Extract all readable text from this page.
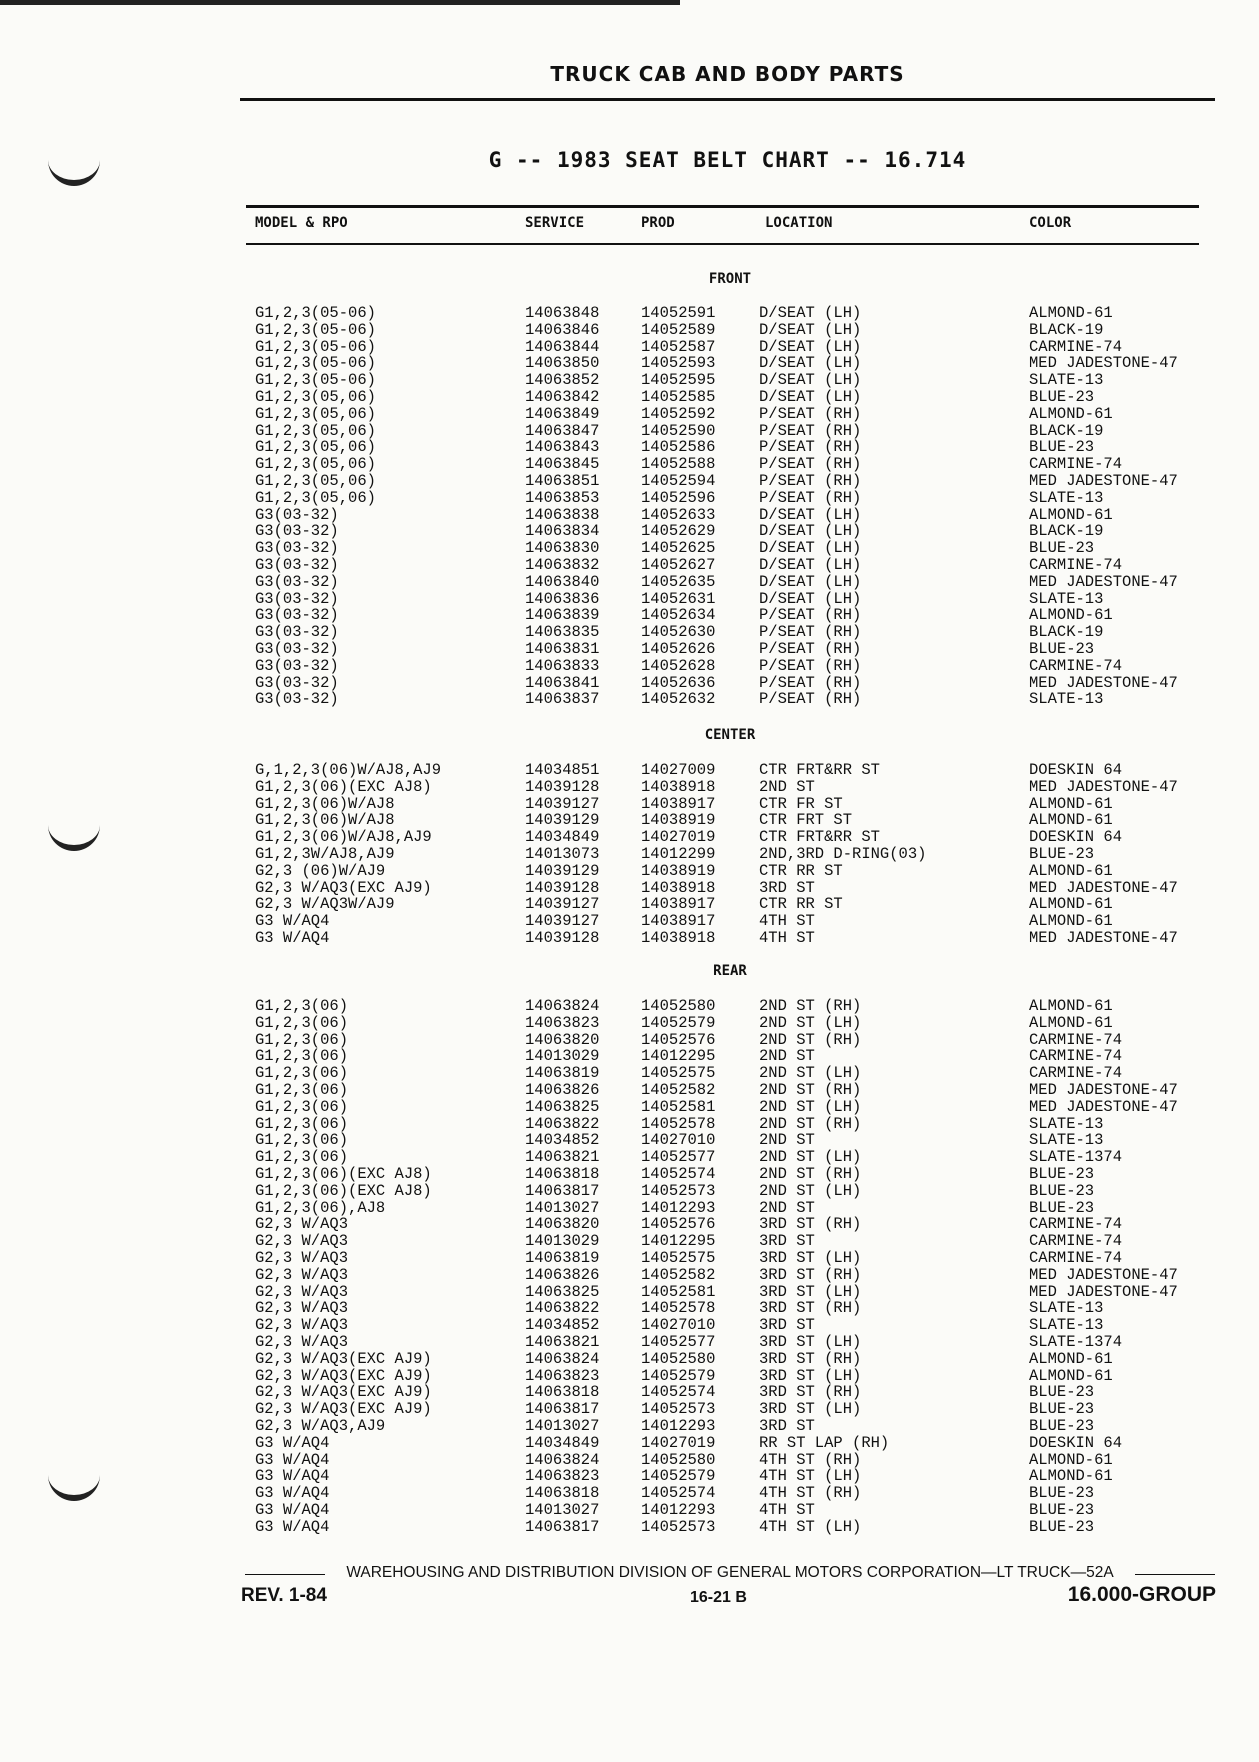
TRUCK CAB AND BODY PARTS
G -- 1983 SEAT BELT CHART -- 16.714
MODEL & RPO	SERVICE	PROD	LOCATION	COLOR
FRONT
G1,2,3(05-06)	14063848	14052591	D/SEAT (LH)	ALMOND-61
G1,2,3(05-06)	14063846	14052589	D/SEAT (LH)	BLACK-19
G1,2,3(05-06)	14063844	14052587	D/SEAT (LH)	CARMINE-74
G1,2,3(05-06)	14063850	14052593	D/SEAT (LH)	MED JADESTONE-47
G1,2,3(05-06)	14063852	14052595	D/SEAT (LH)	SLATE-13
G1,2,3(05,06)	14063842	14052585	D/SEAT (LH)	BLUE-23
G1,2,3(05,06)	14063849	14052592	P/SEAT (RH)	ALMOND-61
G1,2,3(05,06)	14063847	14052590	P/SEAT (RH)	BLACK-19
G1,2,3(05,06)	14063843	14052586	P/SEAT (RH)	BLUE-23
G1,2,3(05,06)	14063845	14052588	P/SEAT (RH)	CARMINE-74
G1,2,3(05,06)	14063851	14052594	P/SEAT (RH)	MED JADESTONE-47
G1,2,3(05,06)	14063853	14052596	P/SEAT (RH)	SLATE-13
G3(03-32)	14063838	14052633	D/SEAT (LH)	ALMOND-61
G3(03-32)	14063834	14052629	D/SEAT (LH)	BLACK-19
G3(03-32)	14063830	14052625	D/SEAT (LH)	BLUE-23
G3(03-32)	14063832	14052627	D/SEAT (LH)	CARMINE-74
G3(03-32)	14063840	14052635	D/SEAT (LH)	MED JADESTONE-47
G3(03-32)	14063836	14052631	D/SEAT (LH)	SLATE-13
G3(03-32)	14063839	14052634	P/SEAT (RH)	ALMOND-61
G3(03-32)	14063835	14052630	P/SEAT (RH)	BLACK-19
G3(03-32)	14063831	14052626	P/SEAT (RH)	BLUE-23
G3(03-32)	14063833	14052628	P/SEAT (RH)	CARMINE-74
G3(03-32)	14063841	14052636	P/SEAT (RH)	MED JADESTONE-47
G3(03-32)	14063837	14052632	P/SEAT (RH)	SLATE-13
CENTER
G,1,2,3(06)W/AJ8,AJ9	14034851	14027009	CTR FRT&RR ST	DOESKIN 64
G1,2,3(06)(EXC AJ8)	14039128	14038918	2ND ST	MED JADESTONE-47
G1,2,3(06)W/AJ8	14039127	14038917	CTR FR ST	ALMOND-61
G1,2,3(06)W/AJ8	14039129	14038919	CTR FRT ST	ALMOND-61
G1,2,3(06)W/AJ8,AJ9	14034849	14027019	CTR FRT&RR ST	DOESKIN 64
G1,2,3W/AJ8,AJ9	14013073	14012299	2ND,3RD D-RING(03)	BLUE-23
G2,3 (06)W/AJ9	14039129	14038919	CTR RR ST	ALMOND-61
G2,3 W/AQ3(EXC AJ9)	14039128	14038918	3RD ST	MED JADESTONE-47
G2,3 W/AQ3W/AJ9	14039127	14038917	CTR RR ST	ALMOND-61
G3 W/AQ4	14039127	14038917	4TH ST	ALMOND-61
G3 W/AQ4	14039128	14038918	4TH ST	MED JADESTONE-47
REAR
G1,2,3(06)	14063824	14052580	2ND ST (RH)	ALMOND-61
G1,2,3(06)	14063823	14052579	2ND ST (LH)	ALMOND-61
G1,2,3(06)	14063820	14052576	2ND ST (RH)	CARMINE-74
G1,2,3(06)	14013029	14012295	2ND ST	CARMINE-74
G1,2,3(06)	14063819	14052575	2ND ST (LH)	CARMINE-74
G1,2,3(06)	14063826	14052582	2ND ST (RH)	MED JADESTONE-47
G1,2,3(06)	14063825	14052581	2ND ST (LH)	MED JADESTONE-47
G1,2,3(06)	14063822	14052578	2ND ST (RH)	SLATE-13
G1,2,3(06)	14034852	14027010	2ND ST	SLATE-13
G1,2,3(06)	14063821	14052577	2ND ST (LH)	SLATE-1374
G1,2,3(06)(EXC AJ8)	14063818	14052574	2ND ST (RH)	BLUE-23
G1,2,3(06)(EXC AJ8)	14063817	14052573	2ND ST (LH)	BLUE-23
G1,2,3(06),AJ8	14013027	14012293	2ND ST	BLUE-23
G2,3 W/AQ3	14063820	14052576	3RD ST (RH)	CARMINE-74
G2,3 W/AQ3	14013029	14012295	3RD ST	CARMINE-74
G2,3 W/AQ3	14063819	14052575	3RD ST (LH)	CARMINE-74
G2,3 W/AQ3	14063826	14052582	3RD ST (RH)	MED JADESTONE-47
G2,3 W/AQ3	14063825	14052581	3RD ST (LH)	MED JADESTONE-47
G2,3 W/AQ3	14063822	14052578	3RD ST (RH)	SLATE-13
G2,3 W/AQ3	14034852	14027010	3RD ST	SLATE-13
G2,3 W/AQ3	14063821	14052577	3RD ST (LH)	SLATE-1374
G2,3 W/AQ3(EXC AJ9)	14063824	14052580	3RD ST (RH)	ALMOND-61
G2,3 W/AQ3(EXC AJ9)	14063823	14052579	3RD ST (LH)	ALMOND-61
G2,3 W/AQ3(EXC AJ9)	14063818	14052574	3RD ST (RH)	BLUE-23
G2,3 W/AQ3(EXC AJ9)	14063817	14052573	3RD ST (LH)	BLUE-23
G2,3 W/AQ3,AJ9	14013027	14012293	3RD ST	BLUE-23
G3 W/AQ4	14034849	14027019	RR ST LAP (RH)	DOESKIN 64
G3 W/AQ4	14063824	14052580	4TH ST (RH)	ALMOND-61
G3 W/AQ4	14063823	14052579	4TH ST (LH)	ALMOND-61
G3 W/AQ4	14063818	14052574	4TH ST (RH)	BLUE-23
G3 W/AQ4	14013027	14012293	4TH ST	BLUE-23
G3 W/AQ4	14063817	14052573	4TH ST (LH)	BLUE-23
WAREHOUSING AND DISTRIBUTION DIVISION OF GENERAL MOTORS CORPORATION—LT TRUCK—52A
REV. 1-84	16-21 B	16.000-GROUP
